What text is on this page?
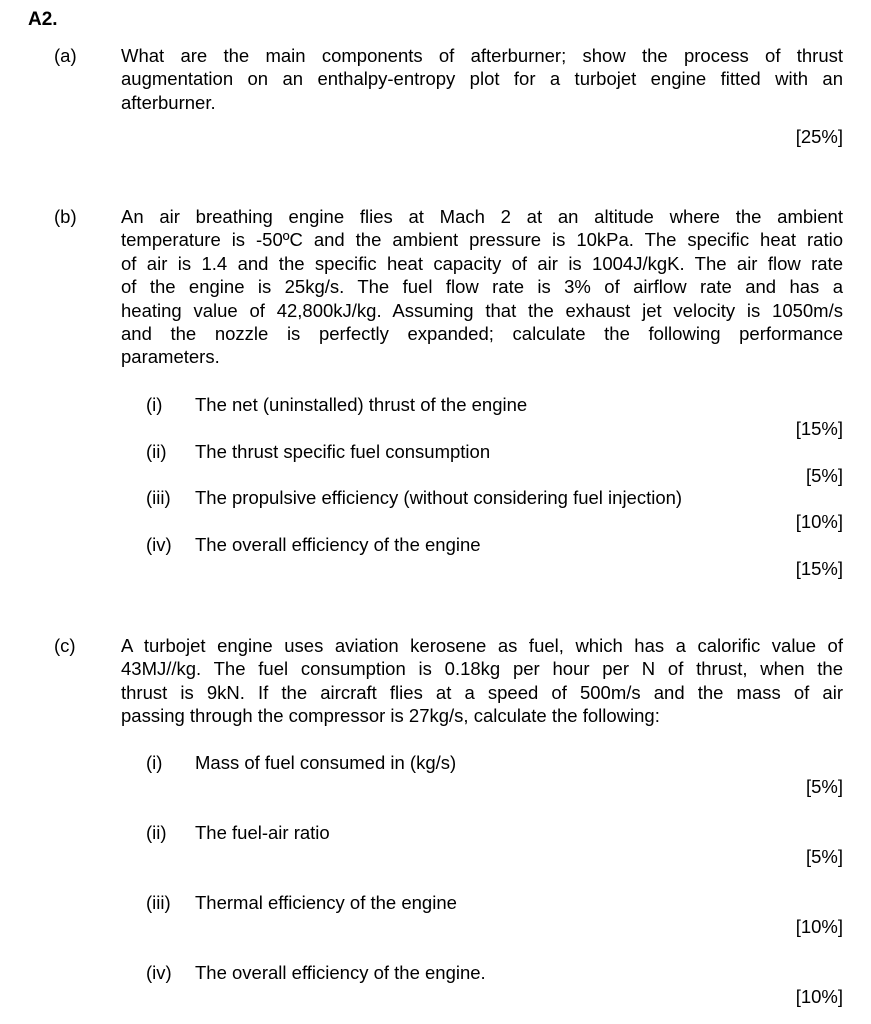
A2.
(a) What are the main components of afterburner; show the process of thrust
augmentation on an enthalpy-entropy plot for a turbojet engine fitted with an
afterburner.
[25%]
(b) An air breathing engine flies at Mach 2 at an altitude where the ambient
temperature is -50ºC and the ambient pressure is 10kPa. The specific heat ratio
of air is 1.4 and the specific heat capacity of air is 1004J/kgK. The air flow rate
of the engine is 25kg/s. The fuel flow rate is 3% of airflow rate and has a
heating value of 42,800kJ/kg. Assuming that the exhaust jet velocity is 1050m/s
and the nozzle is perfectly expanded; calculate the following performance
parameters.
(i) The net (uninstalled) thrust of the engine
[15%]
(ii) The thrust specific fuel consumption
[5%]
(iii) The propulsive efficiency (without considering fuel injection)
[10%]
(iv) The overall efficiency of the engine
[15%]
(c) A turbojet engine uses aviation kerosene as fuel, which has a calorific value of
43MJ//kg. The fuel consumption is 0.18kg per hour per N of thrust, when the
thrust is 9kN. If the aircraft flies at a speed of 500m/s and the mass of air
passing through the compressor is 27kg/s, calculate the following:
(i) Mass of fuel consumed in (kg/s)
[5%]
(ii) The fuel-air ratio
[5%]
(iii) Thermal efficiency of the engine
[10%]
(iv) The overall efficiency of the engine.
[10%]
